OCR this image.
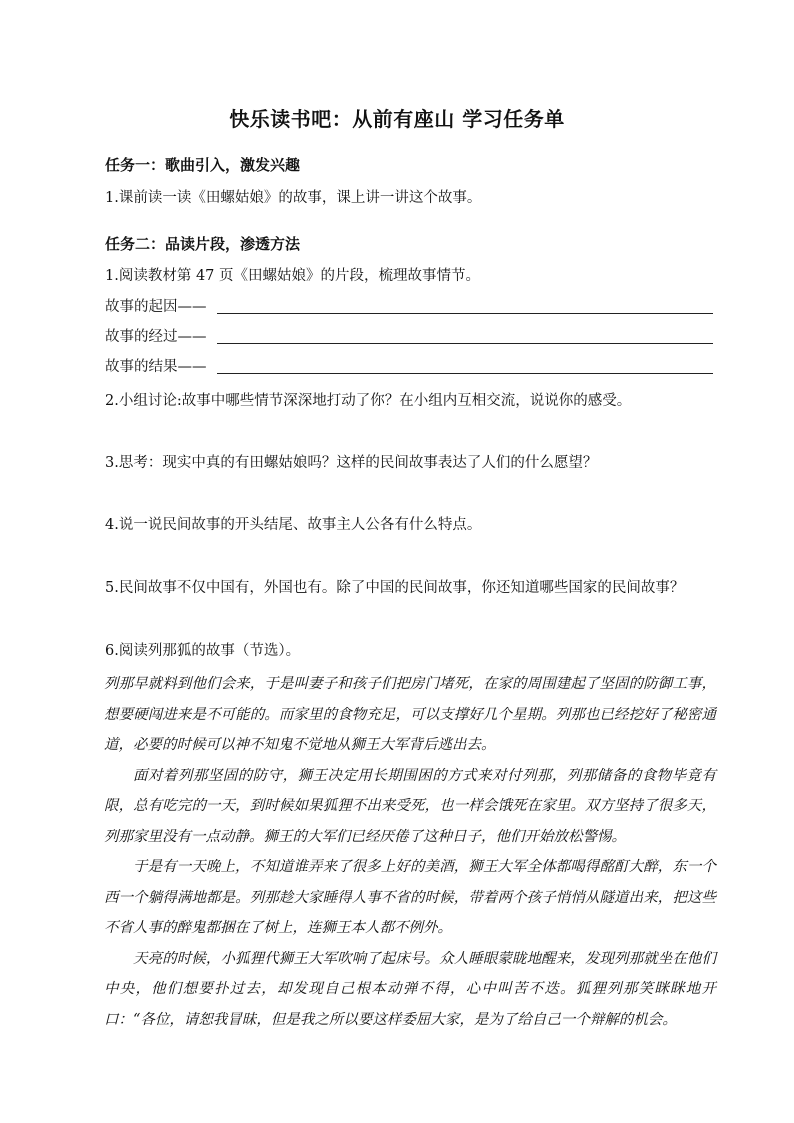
快乐读书吧：从前有座山 学习任务单
任务一：歌曲引入，激发兴趣
1.课前读一读《田螺姑娘》的故事，课上讲一讲这个故事。
任务二：品读片段，渗透方法
1.阅读教材第 47 页《田螺姑娘》的片段，梳理故事情节。
故事的起因——
故事的经过——
故事的结果——
2.小组讨论:故事中哪些情节深深地打动了你？在小组内互相交流，说说你的感受。
3.思考：现实中真的有田螺姑娘吗？这样的民间故事表达了人们的什么愿望？
4.说一说民间故事的开头结尾、故事主人公各有什么特点。
5.民间故事不仅中国有，外国也有。除了中国的民间故事，你还知道哪些国家的民间故事？
6.阅读列那狐的故事（节选）。

列那早就料到他们会来，于是叫妻子和孩子们把房门堵死，在家的周围建起了坚固的防御工事，想要硬闯进来是不可能的。而家里的食物充足，可以支撑好几个星期。列那也已经挖好了秘密通道，必要的时候可以神不知鬼不觉地从狮王大军背后逃出去。

面对着列那坚固的防守，狮王决定用长期围困的方式来对付列那，列那储备的食物毕竟有限，总有吃完的一天，到时候如果狐狸不出来受死，也一样会饿死在家里。双方坚持了很多天，列那家里没有一点动静。狮王的大军们已经厌倦了这种日子，他们开始放松警惕。

于是有一天晚上，不知道谁弄来了很多上好的美酒，狮王大军全体都喝得酩酊大醉，东一个西一个躺得满地都是。列那趁大家睡得人事不省的时候，带着两个孩子悄悄从隧道出来，把这些不省人事的醉鬼都捆在了树上，连狮王本人都不例外。

天亮的时候，小狐狸代狮王大军吹响了起床号。众人睡眼蒙眬地醒来，发现列那就坐在他们中央，他们想要扑过去，却发现自己根本动弹不得，心中叫苦不迭。狐狸列那笑眯眯地开口：“各位，请恕我冒昧，但是我之所以要这样委屈大家，是为了给自己一个辩解的机会。
